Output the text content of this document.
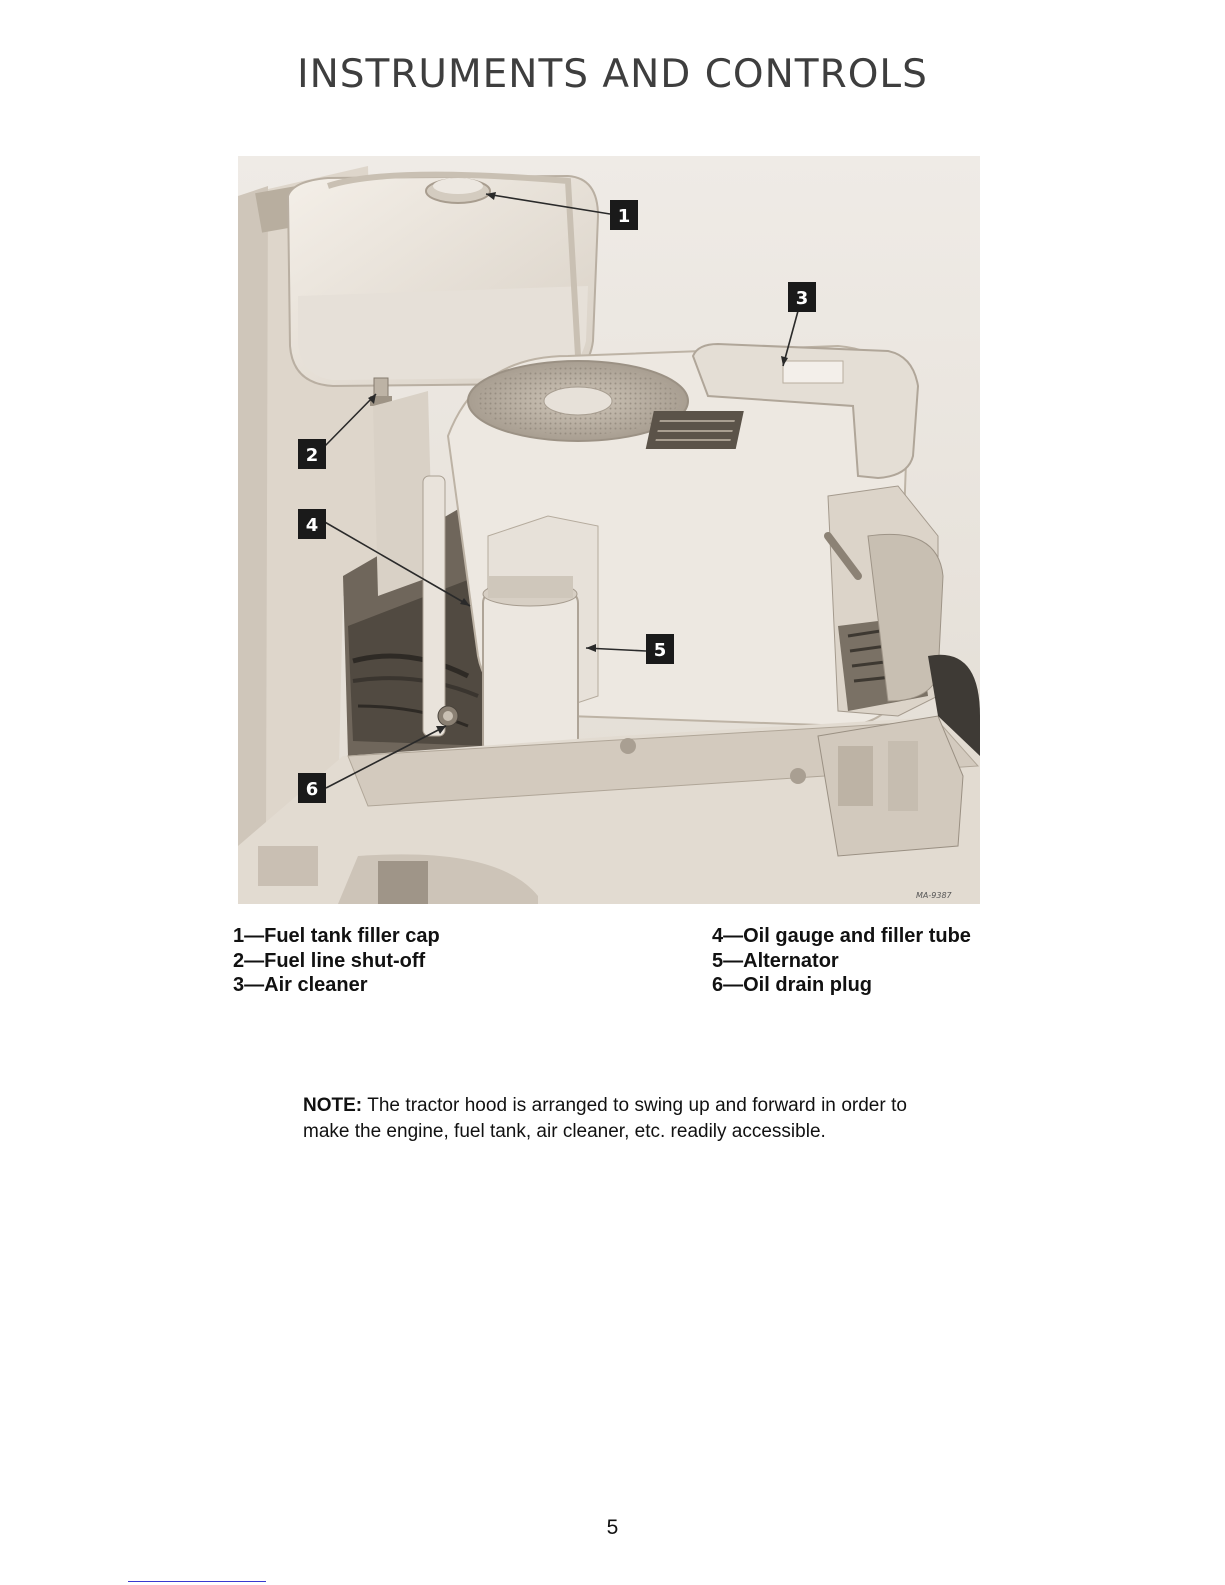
INSTRUMENTS AND CONTROLS
1
3
2
4
5
6
MA-9387
1—Fuel tank filler cap
2—Fuel line shut-off
3—Air cleaner
4—Oil gauge and filler tube
5—Alternator
6—Oil drain plug

NOTE: The tractor hood is arranged to swing up and forward in order to make the engine, fuel tank, air cleaner, etc. readily accessible.

5
